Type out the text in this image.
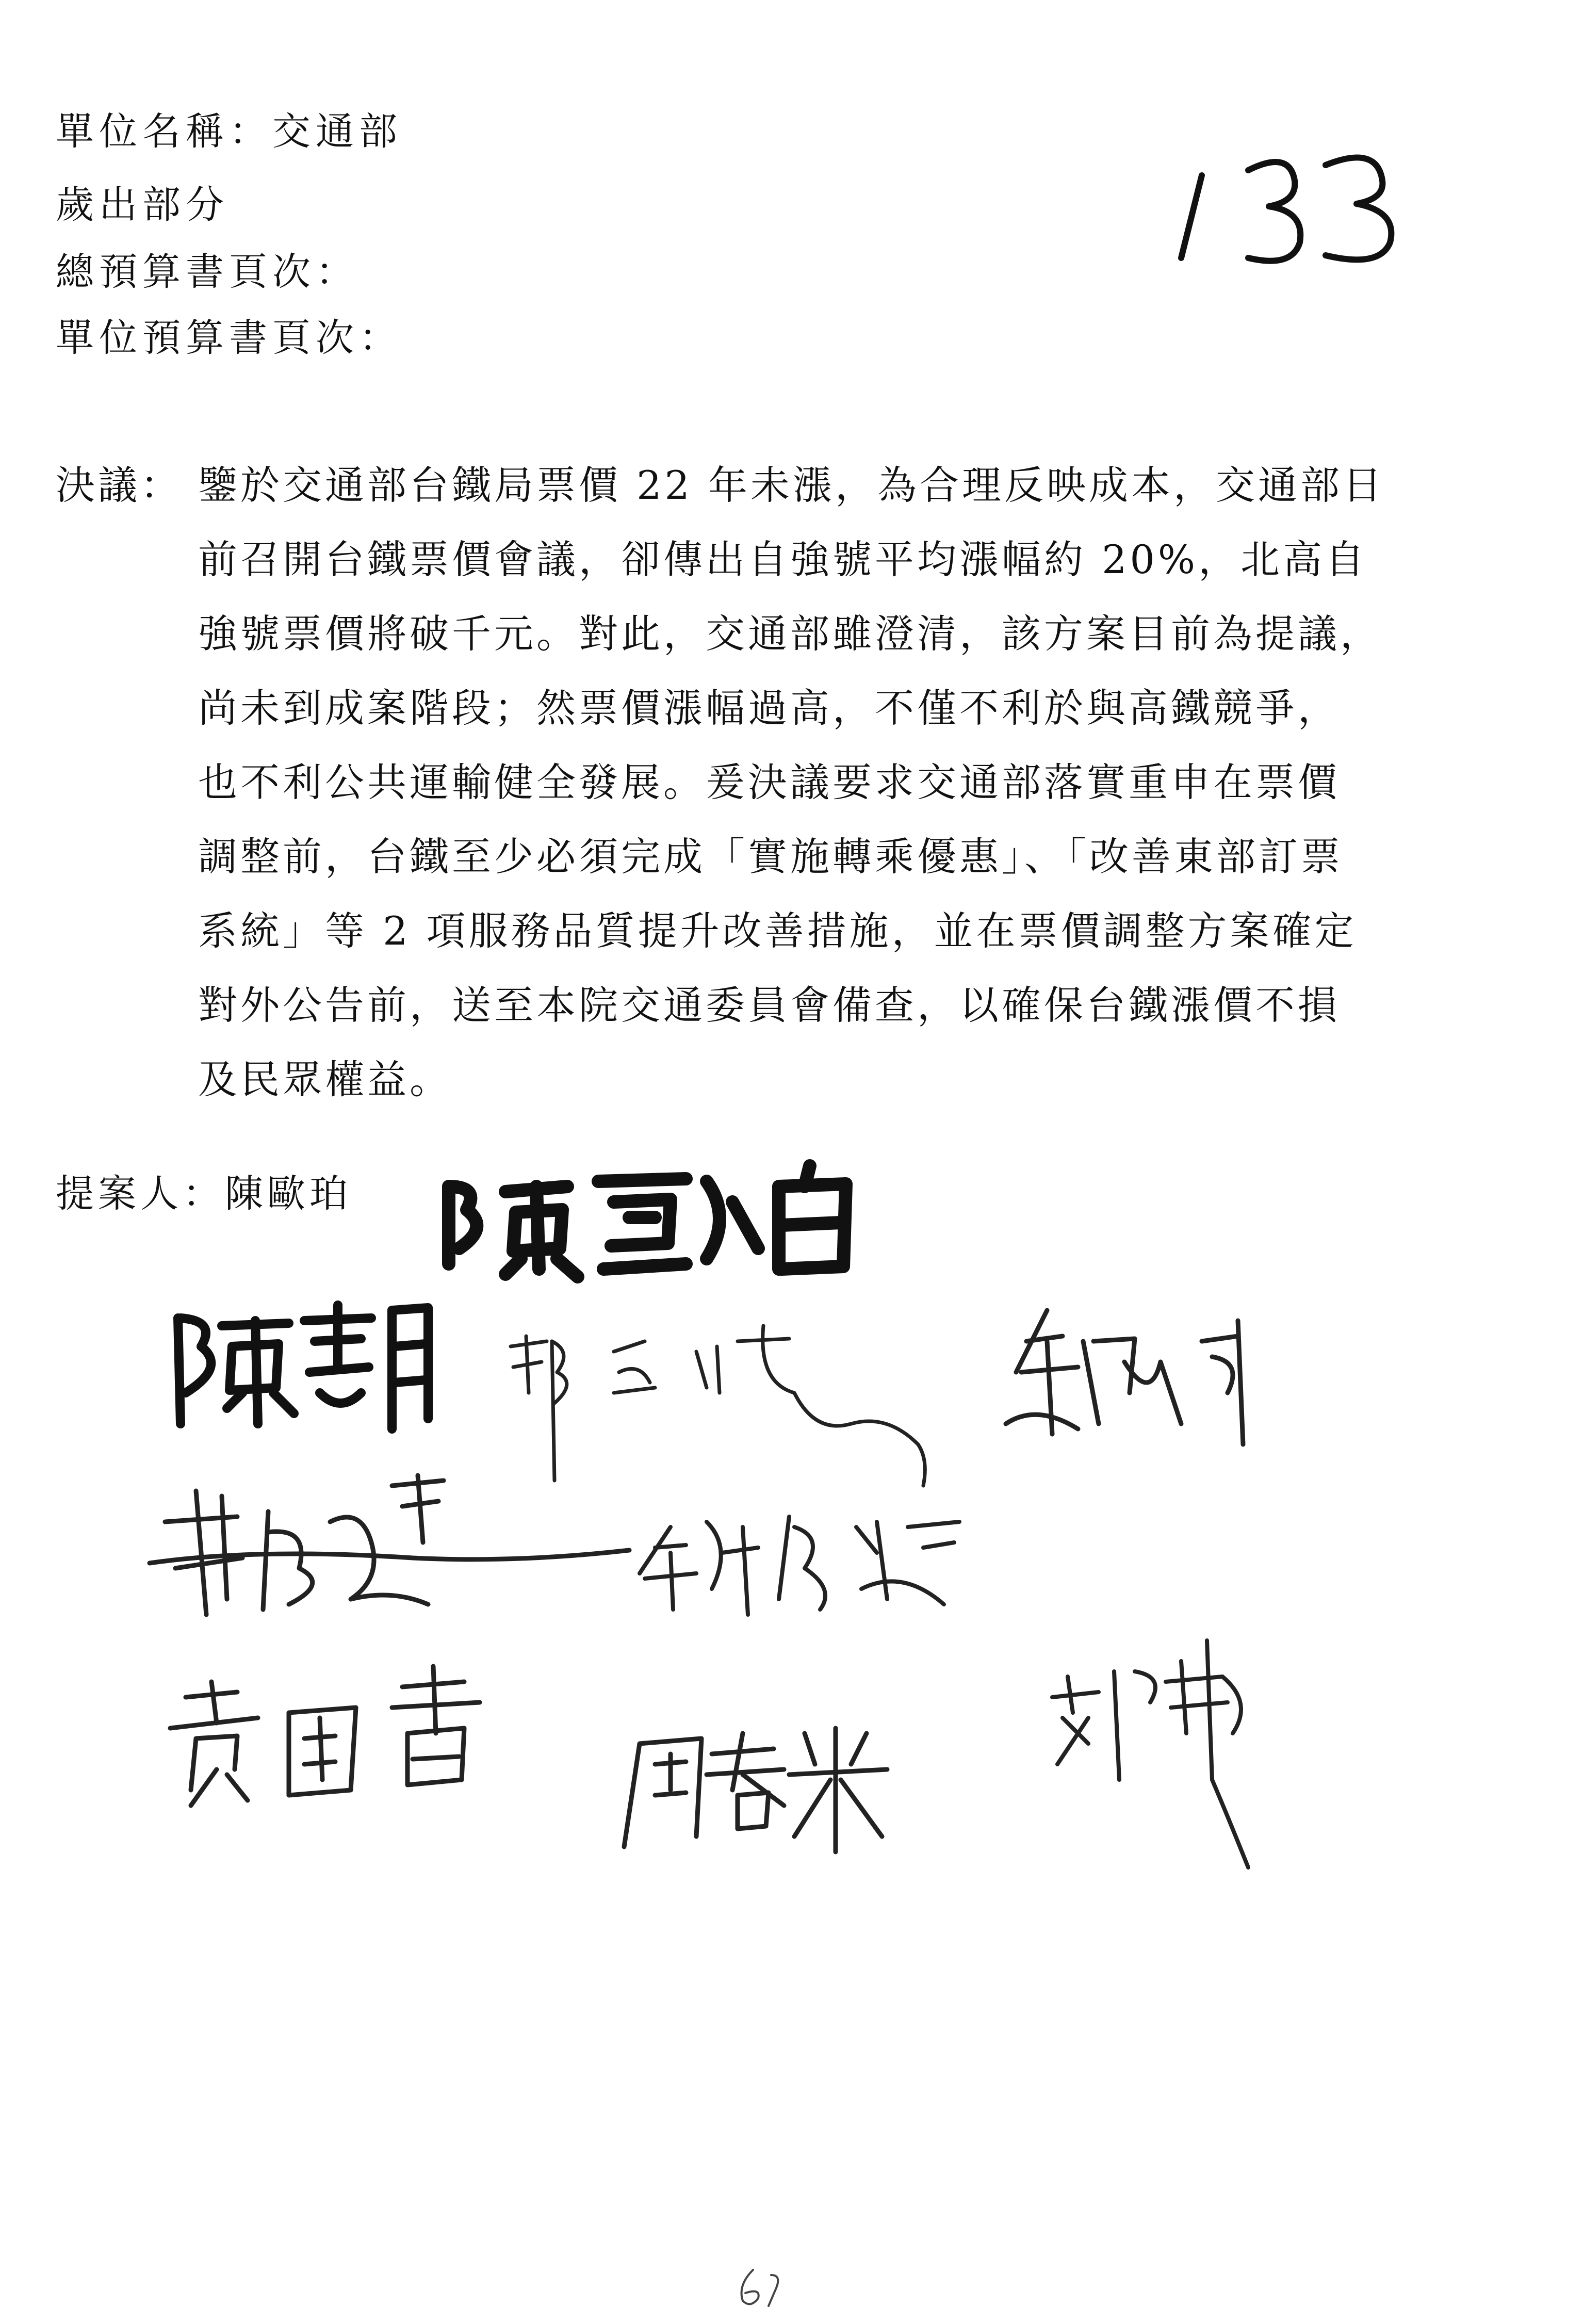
單位名稱：交通部
歲出部分
總預算書頁次：
單位預算書頁次：
決議： 鑒於交通部台鐵局票價 22 年未漲，為合理反映成本，交通部日
前召開台鐵票價會議，卻傳出自強號平均漲幅約 20%，北高自
強號票價將破千元。對此，交通部雖澄清，該方案目前為提議，
尚未到成案階段；然票價漲幅過高，不僅不利於與高鐵競爭，
也不利公共運輸健全發展。爰決議要求交通部落實重申在票價
調整前，台鐵至少必須完成「實施轉乘優惠」、「改善東部訂票
系統」等 2 項服務品質提升改善措施，並在票價調整方案確定
對外公告前，送至本院交通委員會備查，以確保台鐵漲價不損
及民眾權益。
提案人：陳歐珀
